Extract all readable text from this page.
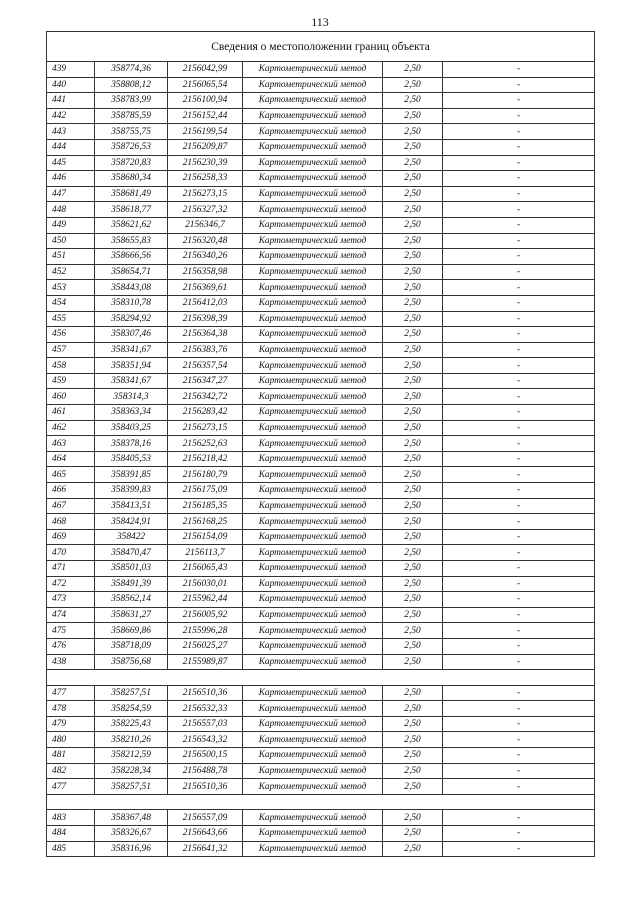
113
Сведения о местоположении границ объекта					
439	358774,36	2156042,99	Картометрический метод	2,50	-
440	358808,12	2156065,54	Картометрический метод	2,50	-
441	358783,99	2156100,94	Картометрический метод	2,50	-
442	358785,59	2156152,44	Картометрический метод	2,50	-
443	358755,75	2156199,54	Картометрический метод	2,50	-
444	358726,53	2156209,87	Картометрический метод	2,50	-
445	358720,83	2156230,39	Картометрический метод	2,50	-
446	358680,34	2156258,33	Картометрический метод	2,50	-
447	358681,49	2156273,15	Картометрический метод	2,50	-
448	358618,77	2156327,32	Картометрический метод	2,50	-
449	358621,62	2156346,7	Картометрический метод	2,50	-
450	358655,83	2156320,48	Картометрический метод	2,50	-
451	358666,56	2156340,26	Картометрический метод	2,50	-
452	358654,71	2156358,98	Картометрический метод	2,50	-
453	358443,08	2156369,61	Картометрический метод	2,50	-
454	358310,78	2156412,03	Картометрический метод	2,50	-
455	358294,92	2156398,39	Картометрический метод	2,50	-
456	358307,46	2156364,38	Картометрический метод	2,50	-
457	358341,67	2156383,76	Картометрический метод	2,50	-
458	358351,94	2156357,54	Картометрический метод	2,50	-
459	358341,67	2156347,27	Картометрический метод	2,50	-
460	358314,3	2156342,72	Картометрический метод	2,50	-
461	358363,34	2156283,42	Картометрический метод	2,50	-
462	358403,25	2156273,15	Картометрический метод	2,50	-
463	358378,16	2156252,63	Картометрический метод	2,50	-
464	358405,53	2156218,42	Картометрический метод	2,50	-
465	358391,85	2156180,79	Картометрический метод	2,50	-
466	358399,83	2156175,09	Картометрический метод	2,50	-
467	358413,51	2156185,35	Картометрический метод	2,50	-
468	358424,91	2156168,25	Картометрический метод	2,50	-
469	358422	2156154,09	Картометрический метод	2,50	-
470	358470,47	2156113,7	Картометрический метод	2,50	-
471	358501,03	2156065,43	Картометрический метод	2,50	-
472	358491,39	2156030,01	Картометрический метод	2,50	-
473	358562,14	2155962,44	Картометрический метод	2,50	-
474	358631,27	2156005,92	Картометрический метод	2,50	-
475	358669,86	2155996,28	Картометрический метод	2,50	-
476	358718,09	2156025,27	Картометрический метод	2,50	-
438	358756,68	2155989,87	Картометрический метод	2,50	-

477	358257,51	2156510,36	Картометрический метод	2,50	-
478	358254,59	2156532,33	Картометрический метод	2,50	-
479	358225,43	2156557,03	Картометрический метод	2,50	-
480	358210,26	2156543,32	Картометрический метод	2,50	-
481	358212,59	2156500,15	Картометрический метод	2,50	-
482	358228,34	2156488,78	Картометрический метод	2,50	-
477	358257,51	2156510,36	Картометрический метод	2,50	-

483	358367,48	2156557,09	Картометрический метод	2,50	-
484	358326,67	2156643,66	Картометрический метод	2,50	-
485	358316,96	2156641,32	Картометрический метод	2,50	-
